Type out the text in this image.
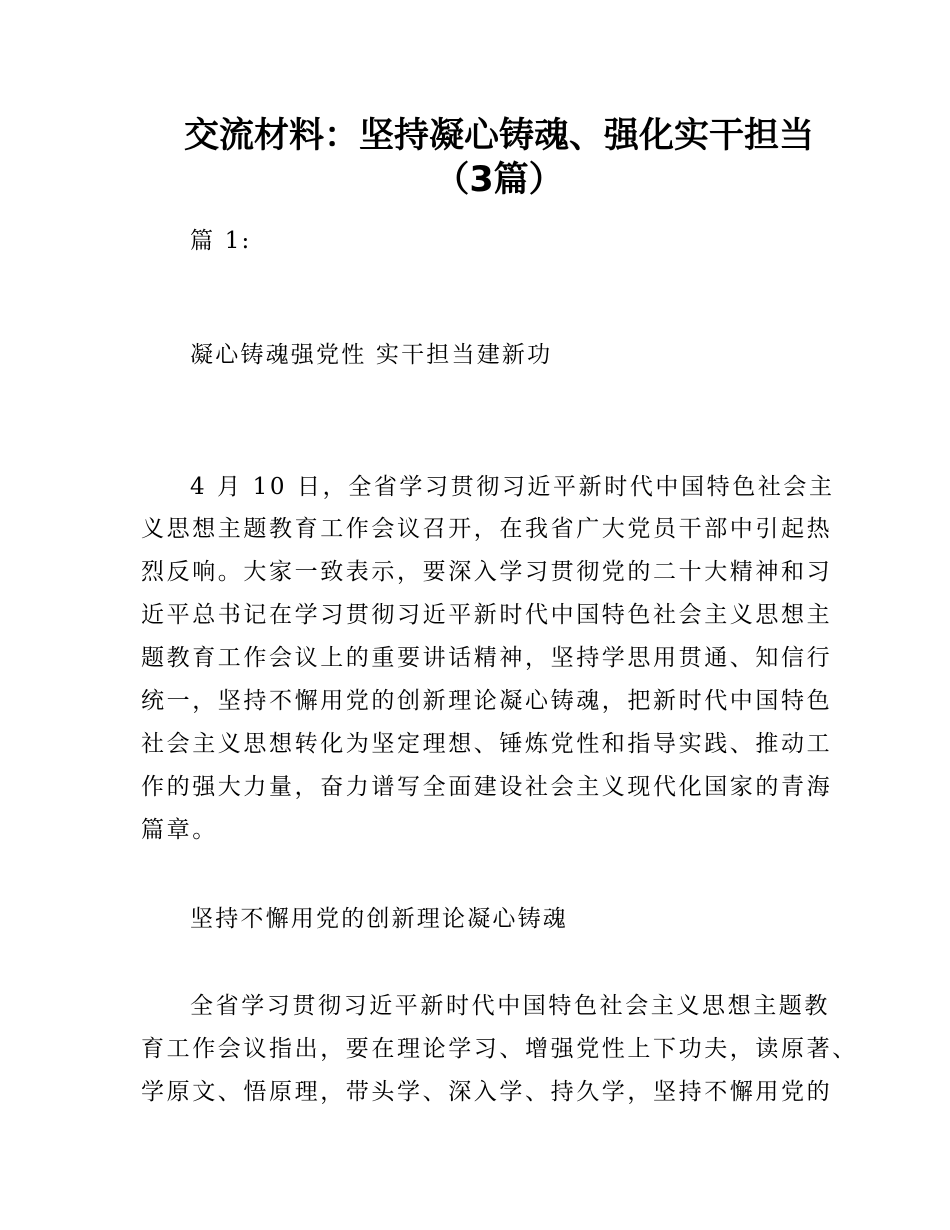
交流材料：坚持凝心铸魂、强化实干担当
（3篇）
篇 1:
凝心铸魂强党性 实干担当建新功
4 月 10 日，全省学习贯彻习近平新时代中国特色社会主
义思想主题教育工作会议召开，在我省广大党员干部中引起热
烈反响。大家一致表示，要深入学习贯彻党的二十大精神和习
近平总书记在学习贯彻习近平新时代中国特色社会主义思想主
题教育工作会议上的重要讲话精神，坚持学思用贯通、知信行
统一，坚持不懈用党的创新理论凝心铸魂，把新时代中国特色
社会主义思想转化为坚定理想、锤炼党性和指导实践、推动工
作的强大力量，奋力谱写全面建设社会主义现代化国家的青海
篇章。
坚持不懈用党的创新理论凝心铸魂
全省学习贯彻习近平新时代中国特色社会主义思想主题教
育工作会议指出，要在理论学习、增强党性上下功夫，读原著、
学原文、悟原理，带头学、深入学、持久学，坚持不懈用党的
